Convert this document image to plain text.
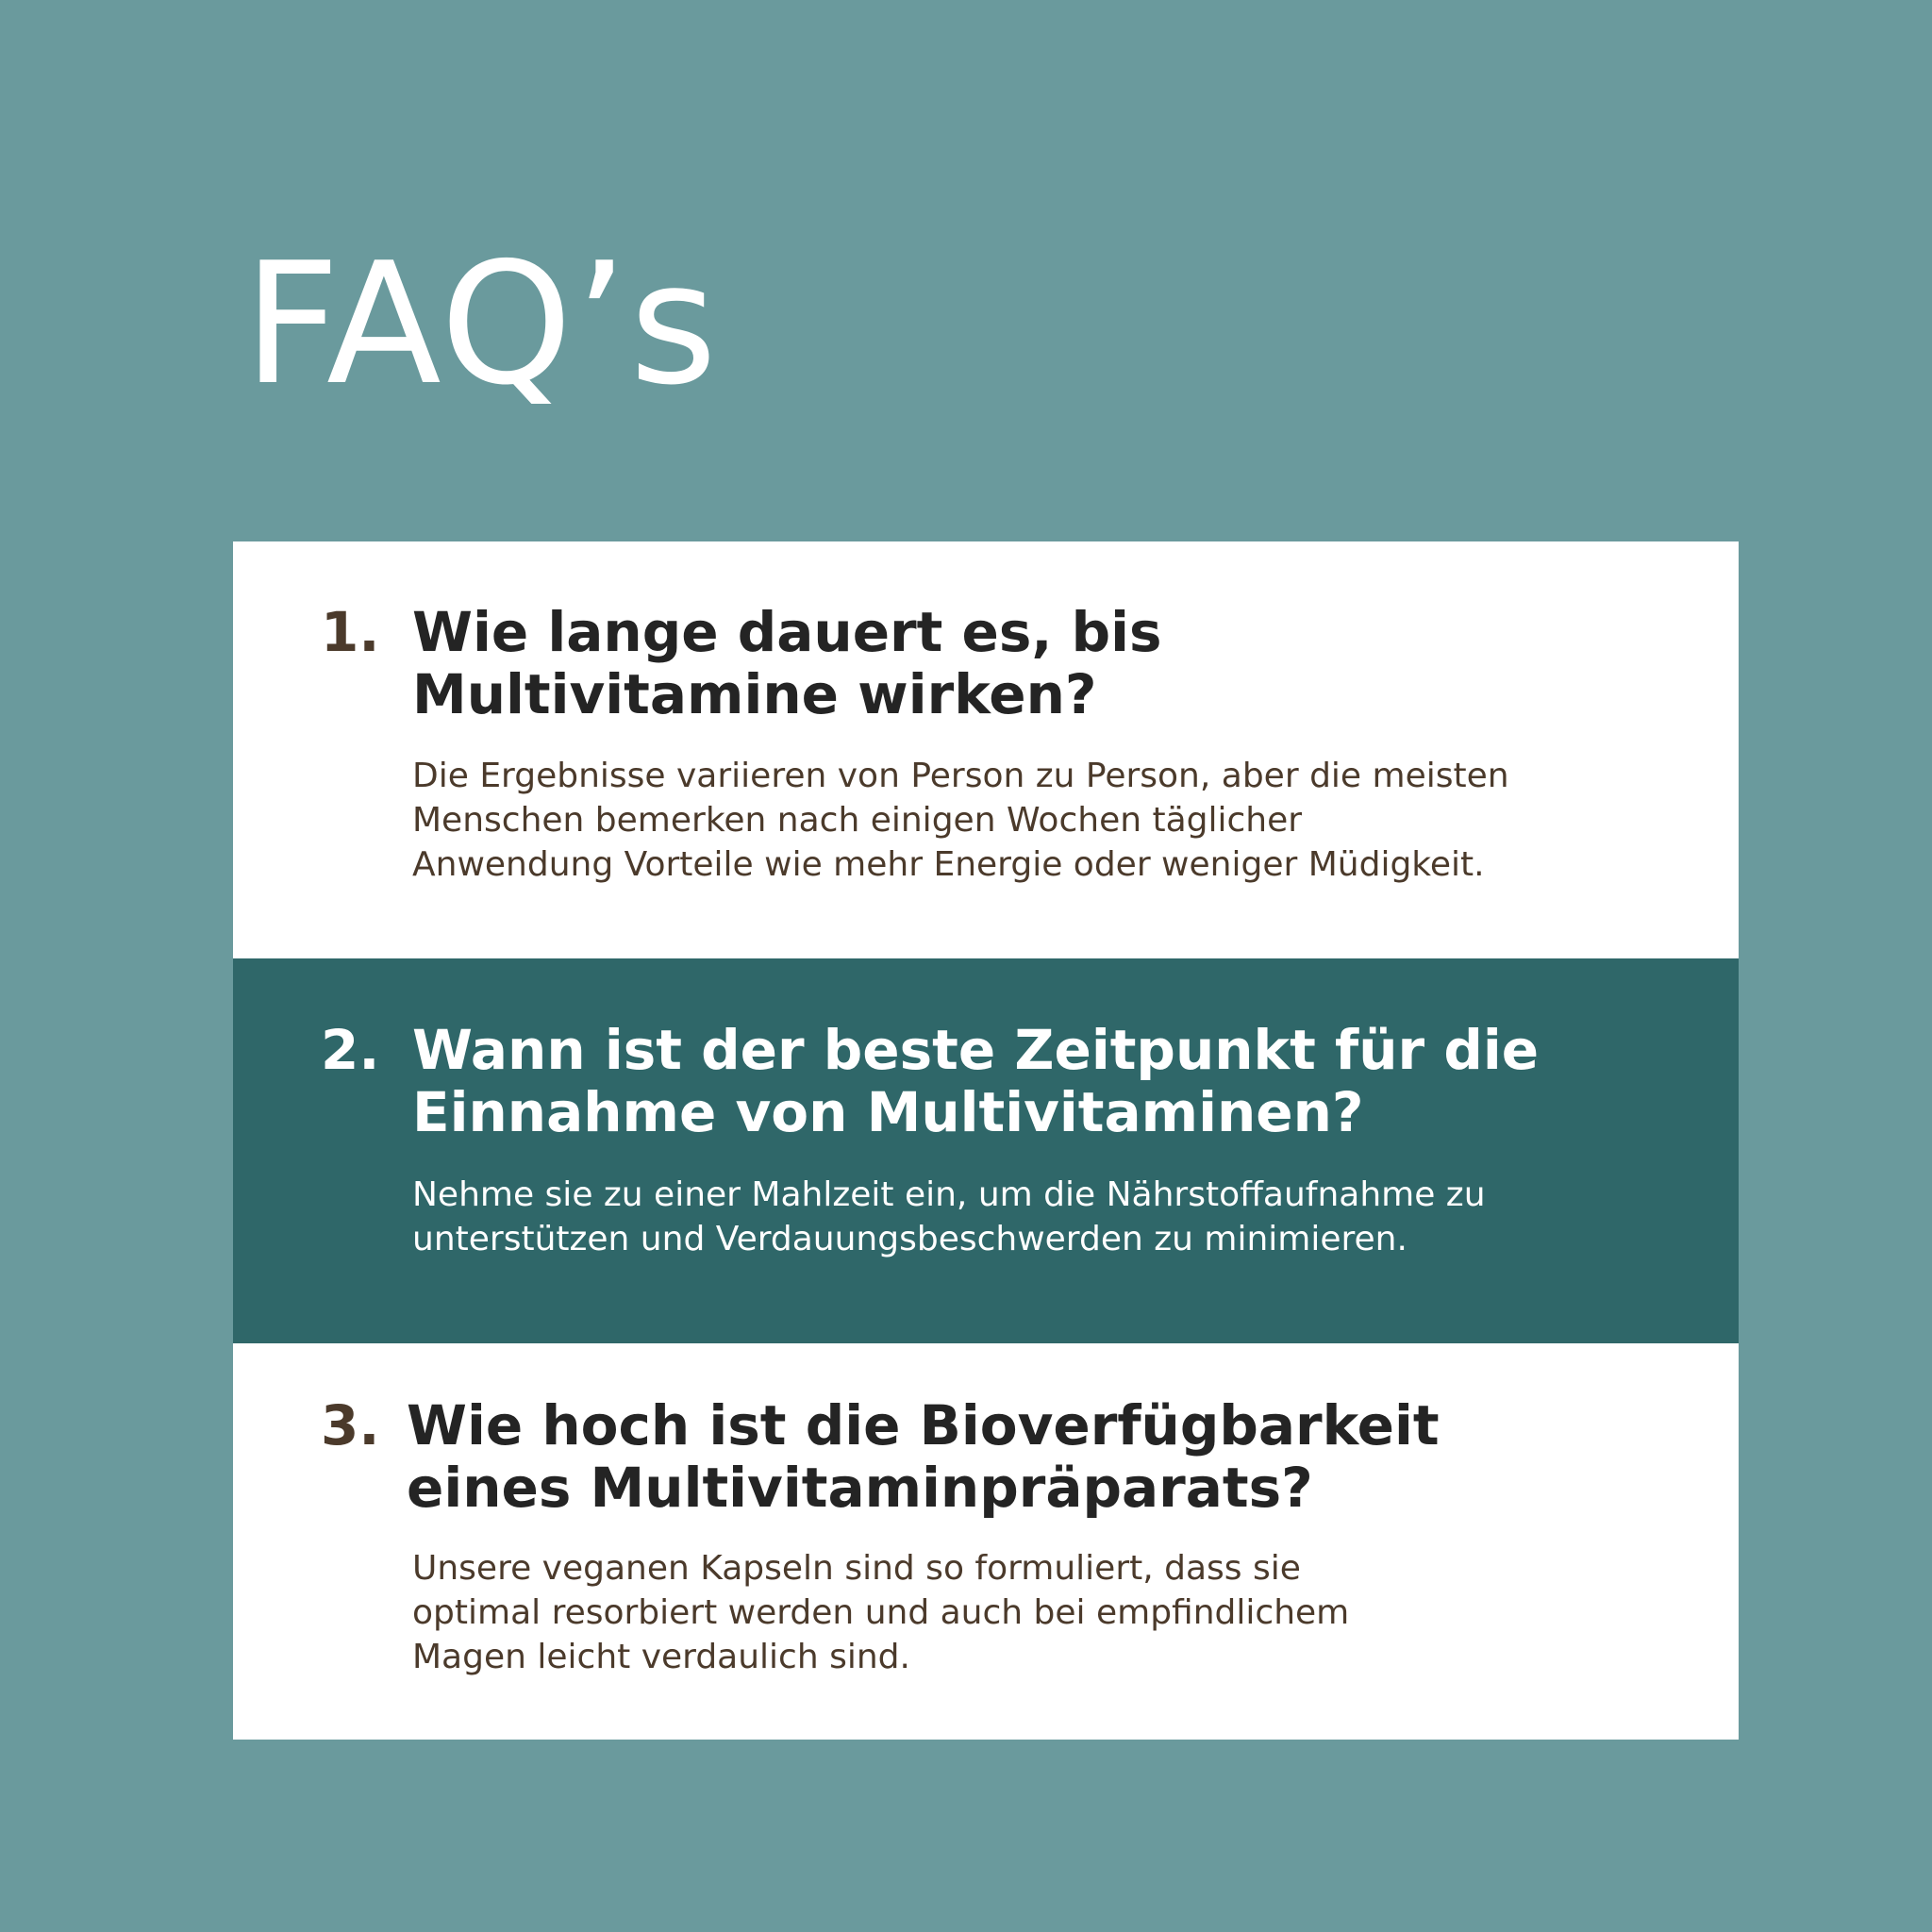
FAQ’s
1. Wie lange dauert es, bis
Multivitamine wirken?

Die Ergebnisse variieren von Person zu Person, aber die meisten
Menschen bemerken nach einigen Wochen täglicher
Anwendung Vorteile wie mehr Energie oder weniger Müdigkeit.

2. Wann ist der beste Zeitpunkt für die
Einnahme von Multivitaminen?

Nehme sie zu einer Mahlzeit ein, um die Nährstoffaufnahme zu
unterstützen und Verdauungsbeschwerden zu minimieren.

3. Wie hoch ist die Bioverfügbarkeit
eines Multivitaminpräparats?

Unsere veganen Kapseln sind so formuliert, dass sie
optimal resorbiert werden und auch bei empfindlichem
Magen leicht verdaulich sind.
